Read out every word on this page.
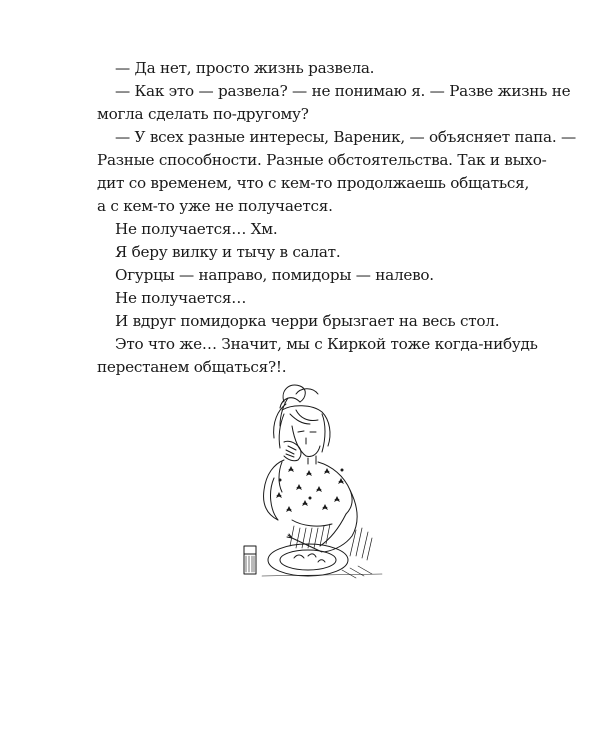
— Да нет, просто жизнь развела.
— Как это — развела? — не понимаю я. — Разве жизнь не
могла сделать по-другому?
— У всех разные интересы, Вареник, — объясняет папа. —
Разные способности. Разные обстоятельства. Так и выхо-
дит со временем, что с кем-то продолжаешь общаться,
а с кем-то уже не получается.
Не получается… Хм.
Я беру вилку и тычу в салат.
Огурцы — направо, помидоры — налево.
Не получается…
И вдруг помидорка черри брызгает на весь стол.
Это что же… Значит, мы с Киркой тоже когда-нибудь
перестанем общаться?!.
